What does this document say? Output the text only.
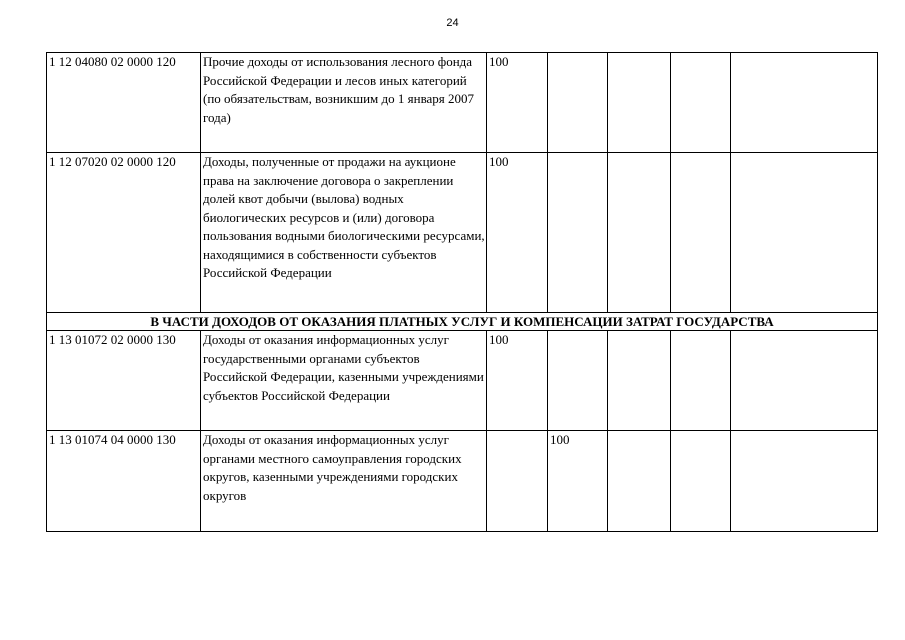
24
1 12 04080 02 0000 120	Прочие доходы от использования лесного фонда Российской Федерации и лесов иных категорий (по обязательствам, возникшим до 1 января 2007 года)	100				
1 12 07020 02 0000 120	Доходы, полученные от продажи на аукционе права на заключение договора о закреплении долей квот добычи (вылова) водных биологических ресурсов и (или) договора пользования водными биологическими ресурсами, находящимися в собственности субъектов Российской Федерации	100				
В ЧАСТИ ДОХОДОВ ОТ ОКАЗАНИЯ ПЛАТНЫХ УСЛУГ И КОМПЕНСАЦИИ ЗАТРАТ ГОСУДАРСТВА						
1 13 01072 02 0000 130	Доходы от оказания информационных услуг государственными органами субъектов Российской Федерации, казенными учреждениями субъектов Российской Федерации	100				
1 13 01074 04 0000 130	Доходы от оказания информационных услуг органами местного самоуправления городских округов, казенными учреждениями городских округов		100			
